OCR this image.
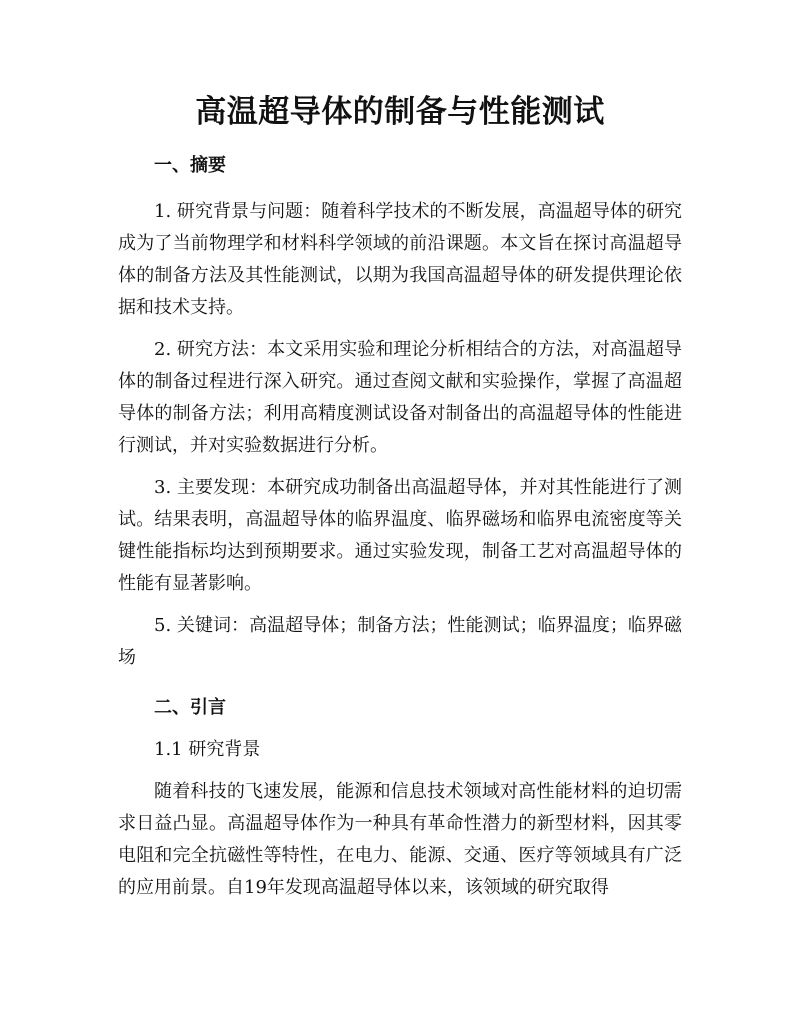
高温超导体的制备与性能测试
一、摘要

1. 研究背景与问题：随着科学技术的不断发展，高温超导体的研究成为了当前物理学和材料科学领域的前沿课题。本文旨在探讨高温超导体的制备方法及其性能测试，以期为我国高温超导体的研发提供理论依据和技术支持。

2. 研究方法：本文采用实验和理论分析相结合的方法，对高温超导体的制备过程进行深入研究。通过查阅文献和实验操作，掌握了高温超导体的制备方法；利用高精度测试设备对制备出的高温超导体的性能进行测试，并对实验数据进行分析。

3. 主要发现：本研究成功制备出高温超导体，并对其性能进行了测试。结果表明，高温超导体的临界温度、临界磁场和临界电流密度等关键性能指标均达到预期要求。通过实验发现，制备工艺对高温超导体的性能有显著影响。

5. 关键词：高温超导体；制备方法；性能测试；临界温度；临界磁场

二、引言
1.1 研究背景

随着科技的飞速发展，能源和信息技术领域对高性能材料的迫切需求日益凸显。高温超导体作为一种具有革命性潜力的新型材料，因其零电阻和完全抗磁性等特性，在电力、能源、交通、医疗等领域具有广泛的应用前景。自19年发现高温超导体以来，该领域的研究取得
